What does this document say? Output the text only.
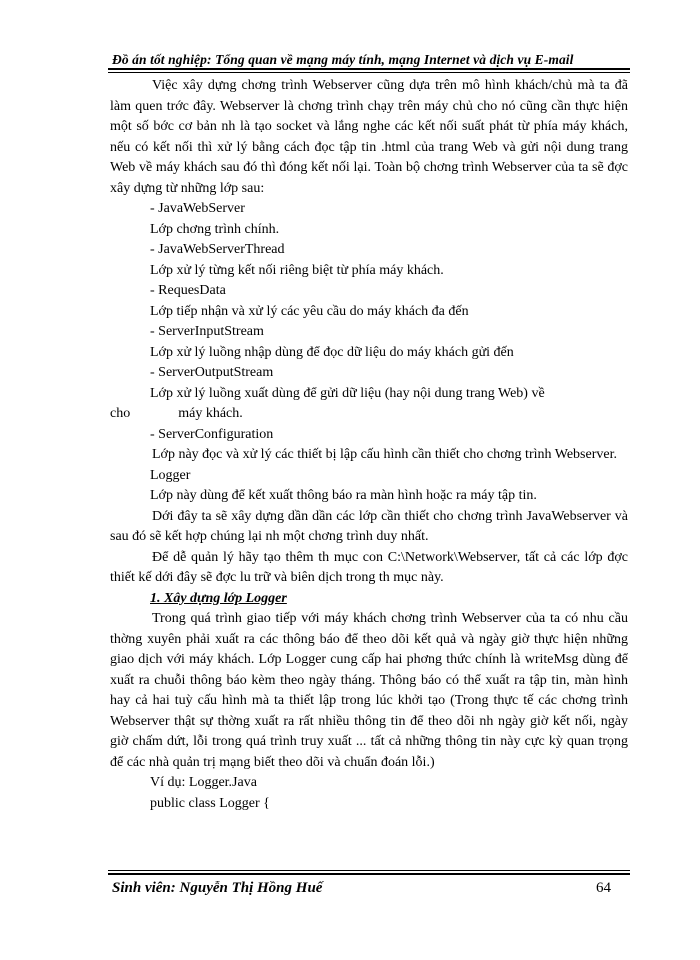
Đồ án tốt nghiệp: Tổng quan về mạng máy tính, mạng Internet và dịch vụ E-mail

Việc xây dựng chơng trình Webserver cũng dựa trên mô hình khách/chủ mà ta đã làm quen trớc đây. Webserver là chơng trình chạy trên máy chủ cho nó cũng cần thực hiện một số bớc cơ bản nh là tạo socket và lắng nghe các kết nối suất phát từ phía máy khách, nếu có kết nối thì xử lý bằng cách đọc tập tin .html của trang Web và gửi nội dung trang Web về máy khách sau đó thì đóng kết nối lại. Toàn bộ chơng trình Webserver của ta sẽ đợc xây dựng từ những lớp sau:

- JavaWebServer

Lớp chơng trình chính.

- JavaWebServerThread

Lớp xử lý từng kết nối riêng biệt từ phía máy khách.

- RequesData

Lớp tiếp nhận và xử lý các yêu cầu do máy khách đa đến

- ServerInputStream

Lớp xử lý luồng nhập dùng để đọc dữ liệu do máy khách gửi đến

- ServerOutputStream

Lớp xử lý luồng xuất dùng để gửi dữ liệu (hay nội dung trang Web) về
cho	máy khách.

- ServerConfiguration

Lớp này đọc và xử lý các thiết bị lập cấu hình cần thiết cho chơng trình Webserver.

Logger

Lớp này dùng để kết xuất thông báo ra màn hình hoặc ra máy tập tin.

Dới đây ta sẽ xây dựng dần dần các lớp cần thiết cho chơng trình JavaWebserver và sau đó sẽ kết hợp chúng lại nh một chơng trình duy nhất.

Để dễ quản lý hãy tạo thêm th mục con C:\Network\Webserver, tất cả các lớp đợc thiết kế dới đây sẽ đợc lu trữ và biên dịch trong th mục này.

1. Xây dựng lớp Logger

Trong quá trình giao tiếp với máy khách chơng trình Webserver của ta có nhu cầu thờng xuyên phải xuất ra các thông báo để theo dõi kết quả và ngày giờ thực hiện những giao dịch với máy khách. Lớp Logger cung cấp hai phơng thức chính là writeMsg dùng để xuất ra chuỗi thông báo kèm theo ngày tháng. Thông báo có thể xuất ra tập tin, màn hình hay cả hai tuỳ cấu hình mà ta thiết lập trong lúc khởi tạo (Trong thực tế các chơng trình Webserver thật sự thờng xuất ra rất nhiều thông tin để theo dõi nh ngày giờ kết nối, ngày giờ chấm dứt, lỗi trong quá trình truy xuất ... tất cả những thông tin này cực kỳ quan trọng để các nhà quản trị mạng biết theo dõi và chuẩn đoán lỗi.)

Ví dụ: Logger.Java

public class Logger {

Sinh viên: Nguyễn Thị Hồng Huế	64
